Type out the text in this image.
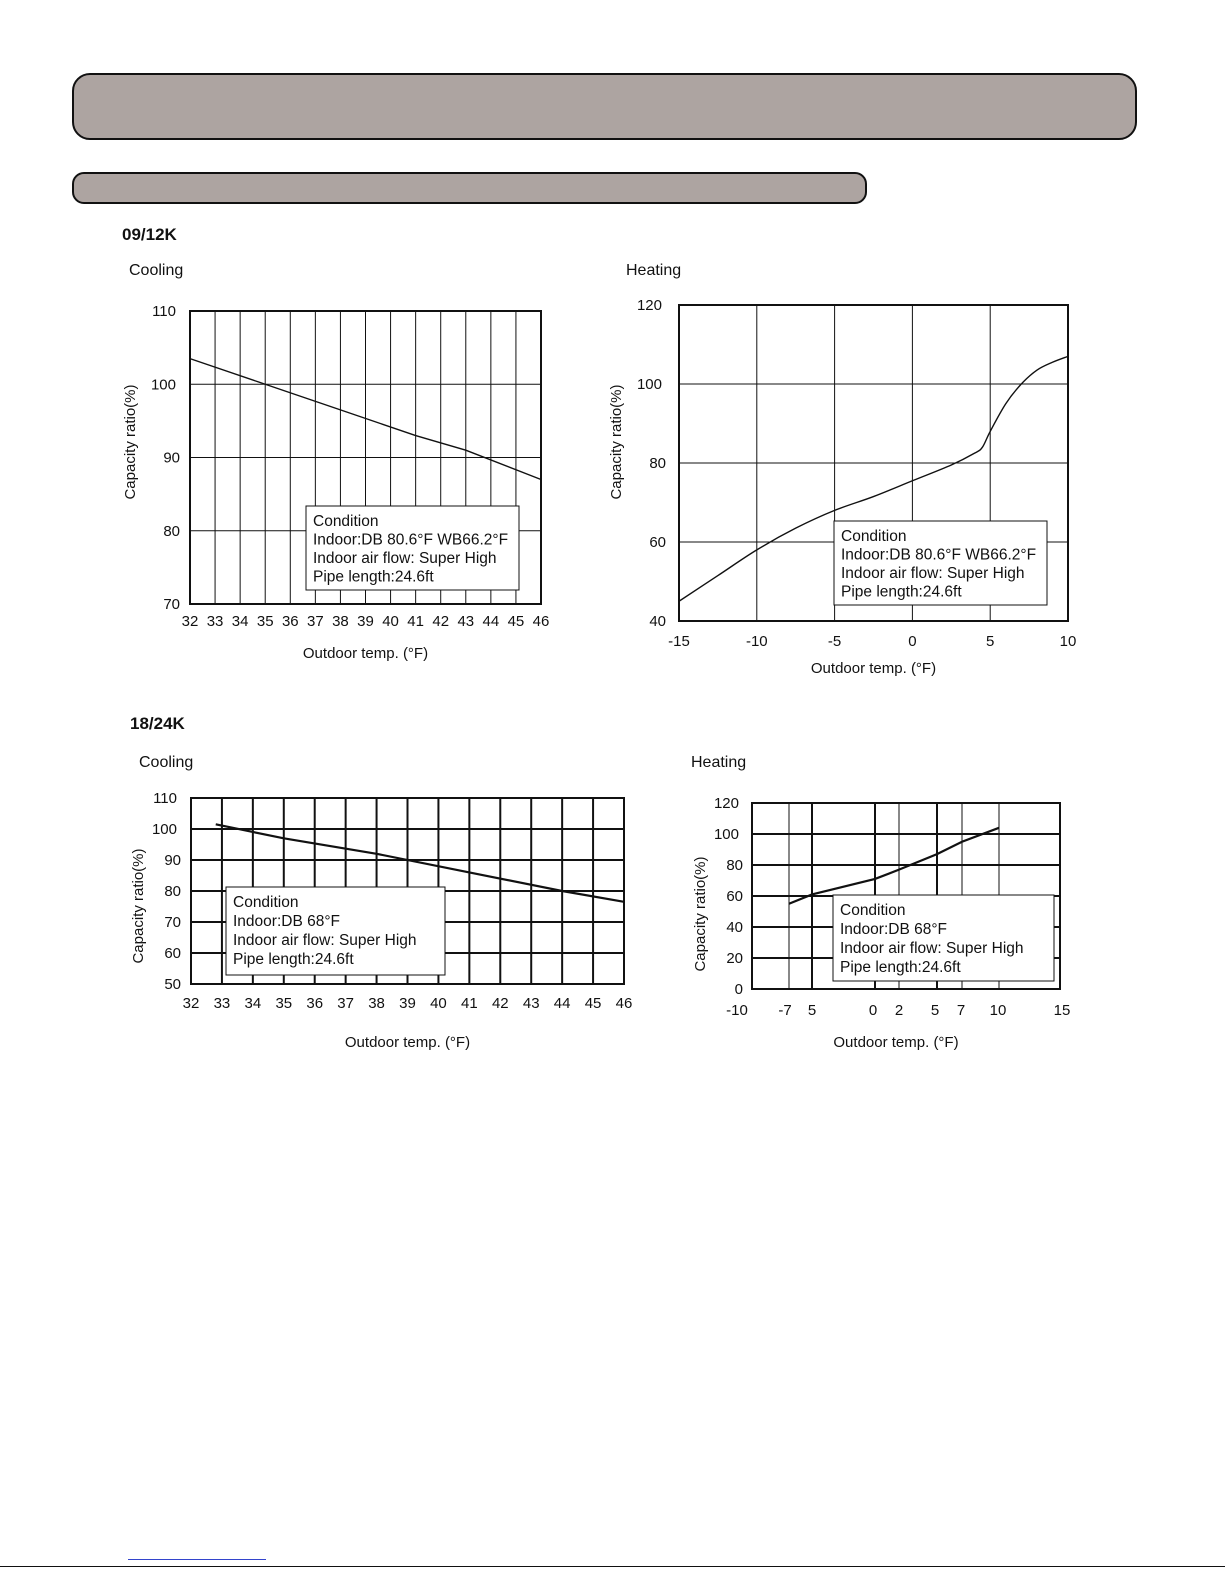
09/12K
18/24K
Cooling	Heating
Cooling	Heating
70
80
90
100
110
32 33 34 35 36 37 38 39 40 41 42 43 44 45 46
Capacity ratio(%)
Outdoor temp. (°F)
Condition
Indoor:DB 80.6°F WB66.2°F
Indoor air flow: Super High
Pipe length:24.6ft
40
60
80
100
120
-15	-10	-5	0	5	10
Capacity ratio(%)
Outdoor temp. (°F)
Condition
Indoor:DB 80.6°F WB66.2°F
Indoor air flow: Super High
Pipe length:24.6ft
50
60
70
80
90
100
110
32 33 34 35 36 37 38 39 40 41 42 43 44 45 46
Capacity ratio(%)
Outdoor temp. (°F)
Condition
Indoor:DB 68°F
Indoor air flow: Super High
Pipe length:24.6ft
0
20
40
60
80
100
120
-10 -7 5	0 2 5 7 10	15
Capacity ratio(%)
Outdoor temp. (°F)
Condition
Indoor:DB 68°F
Indoor air flow: Super High
Pipe length:24.6ft
